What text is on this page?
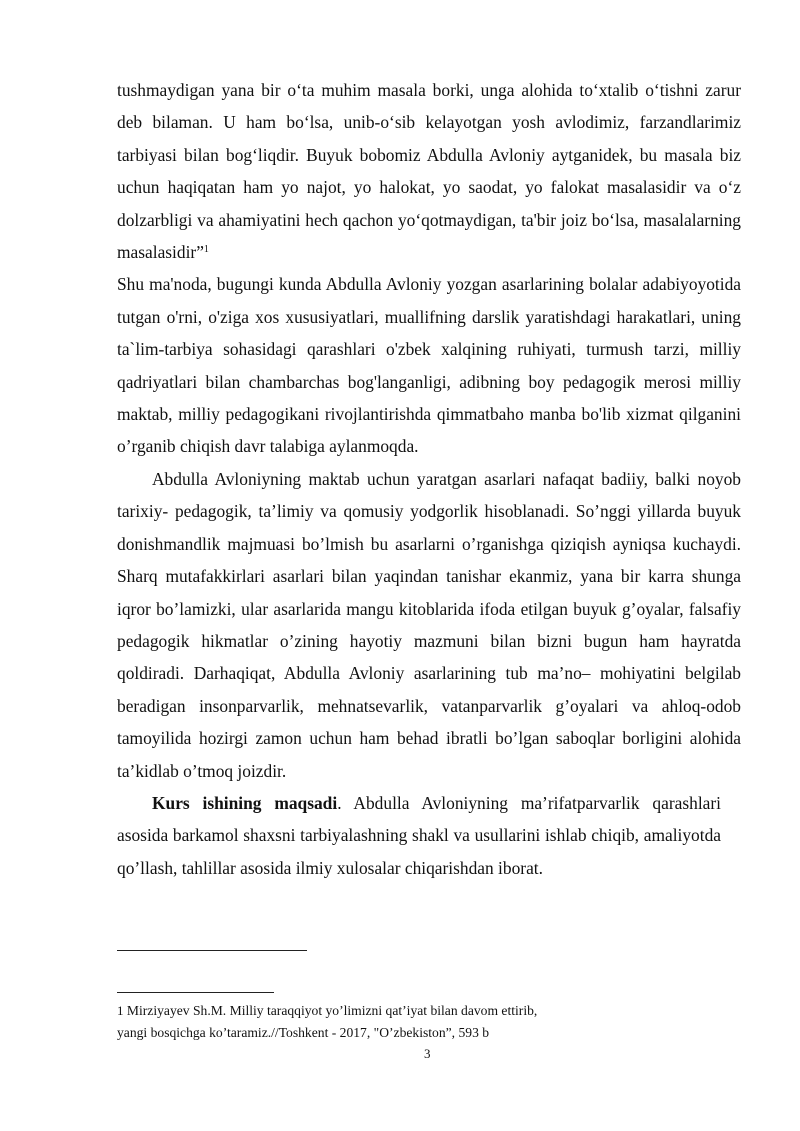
tushmaydigan yana bir o‘ta muhim masala borki, unga alohida to‘xtalib o‘tishni zarur deb bilaman. U ham bo‘lsa, unib-o‘sib kelayotgan yosh avlodimiz, farzandlarimiz tarbiyasi bilan bog‘liqdir. Buyuk bobomiz Abdulla Avloniy aytganidek, bu masala biz uchun haqiqatan ham yo najot, yo halokat, yo saodat, yo falokat masalasidir va o‘z dolzarbligi va ahamiyatini hech qachon yo‘qotmaydigan, ta'bir joiz bo‘lsa, masalalarning masalasidir”$^1$

Shu ma'noda, bugungi kunda Abdulla Avloniy yozgan asarlarining bolalar adabiyoyotida tutgan o'rni, o'ziga xos xususiyatlari, muallifning darslik yaratishdagi harakatlari, uning ta`lim-tarbiya sohasidagi qarashlari o'zbek xalqining ruhiyati, turmush tarzi, milliy qadriyatlari bilan chambarchas bog'langanligi, adibning boy pedagogik merosi milliy maktab, milliy pedagogikani rivojlantirishda qimmatbaho manba bo'lib xizmat qilganini o’rganib chiqish davr talabiga aylanmoqda.

Abdulla Avloniyning maktab uchun yaratgan asarlari nafaqat badiiy, balki noyob tarixiy- pedagogik, ta’limiy va qomusiy yodgorlik hisoblanadi. So’nggi yillarda buyuk donishmandlik majmuasi bo’lmish bu asarlarni o’rganishga qiziqish ayniqsa kuchaydi. Sharq mutafakkirlari asarlari bilan yaqindan tanishar ekanmiz, yana bir karra shunga iqror bo’lamizki, ular asarlarida mangu kitoblarida ifoda etilgan buyuk g’oyalar, falsafiy pedagogik hikmatlar o’zining hayotiy mazmuni bilan bizni bugun ham hayratda qoldiradi. Darhaqiqat, Abdulla Avloniy asarlarining tub ma’no– mohiyatini belgilab beradigan insonparvarlik, mehnatsevarlik, vatanparvarlik g’oyalari va ahloq-odob tamoyilida hozirgi zamon uchun ham behad ibratli bo’lgan saboqlar borligini alohida ta’kidlab o’tmoq joizdir.

Kurs ishining maqsadi. Abdulla Avloniyning ma’rifatparvarlik qarashlari asosida barkamol shaxsni tarbiyalashning shakl va usullarini ishlab chiqib, amaliyotda qo’llash, tahlillar asosida ilmiy xulosalar chiqarishdan iborat.

1 Mirziyayev Sh.M. Milliy taraqqiyot yo’limizni qat’iyat bilan davom ettirib,
yangi bosqichga ko’taramiz.//Toshkent - 2017, "O’zbekiston”, 593 b
3
